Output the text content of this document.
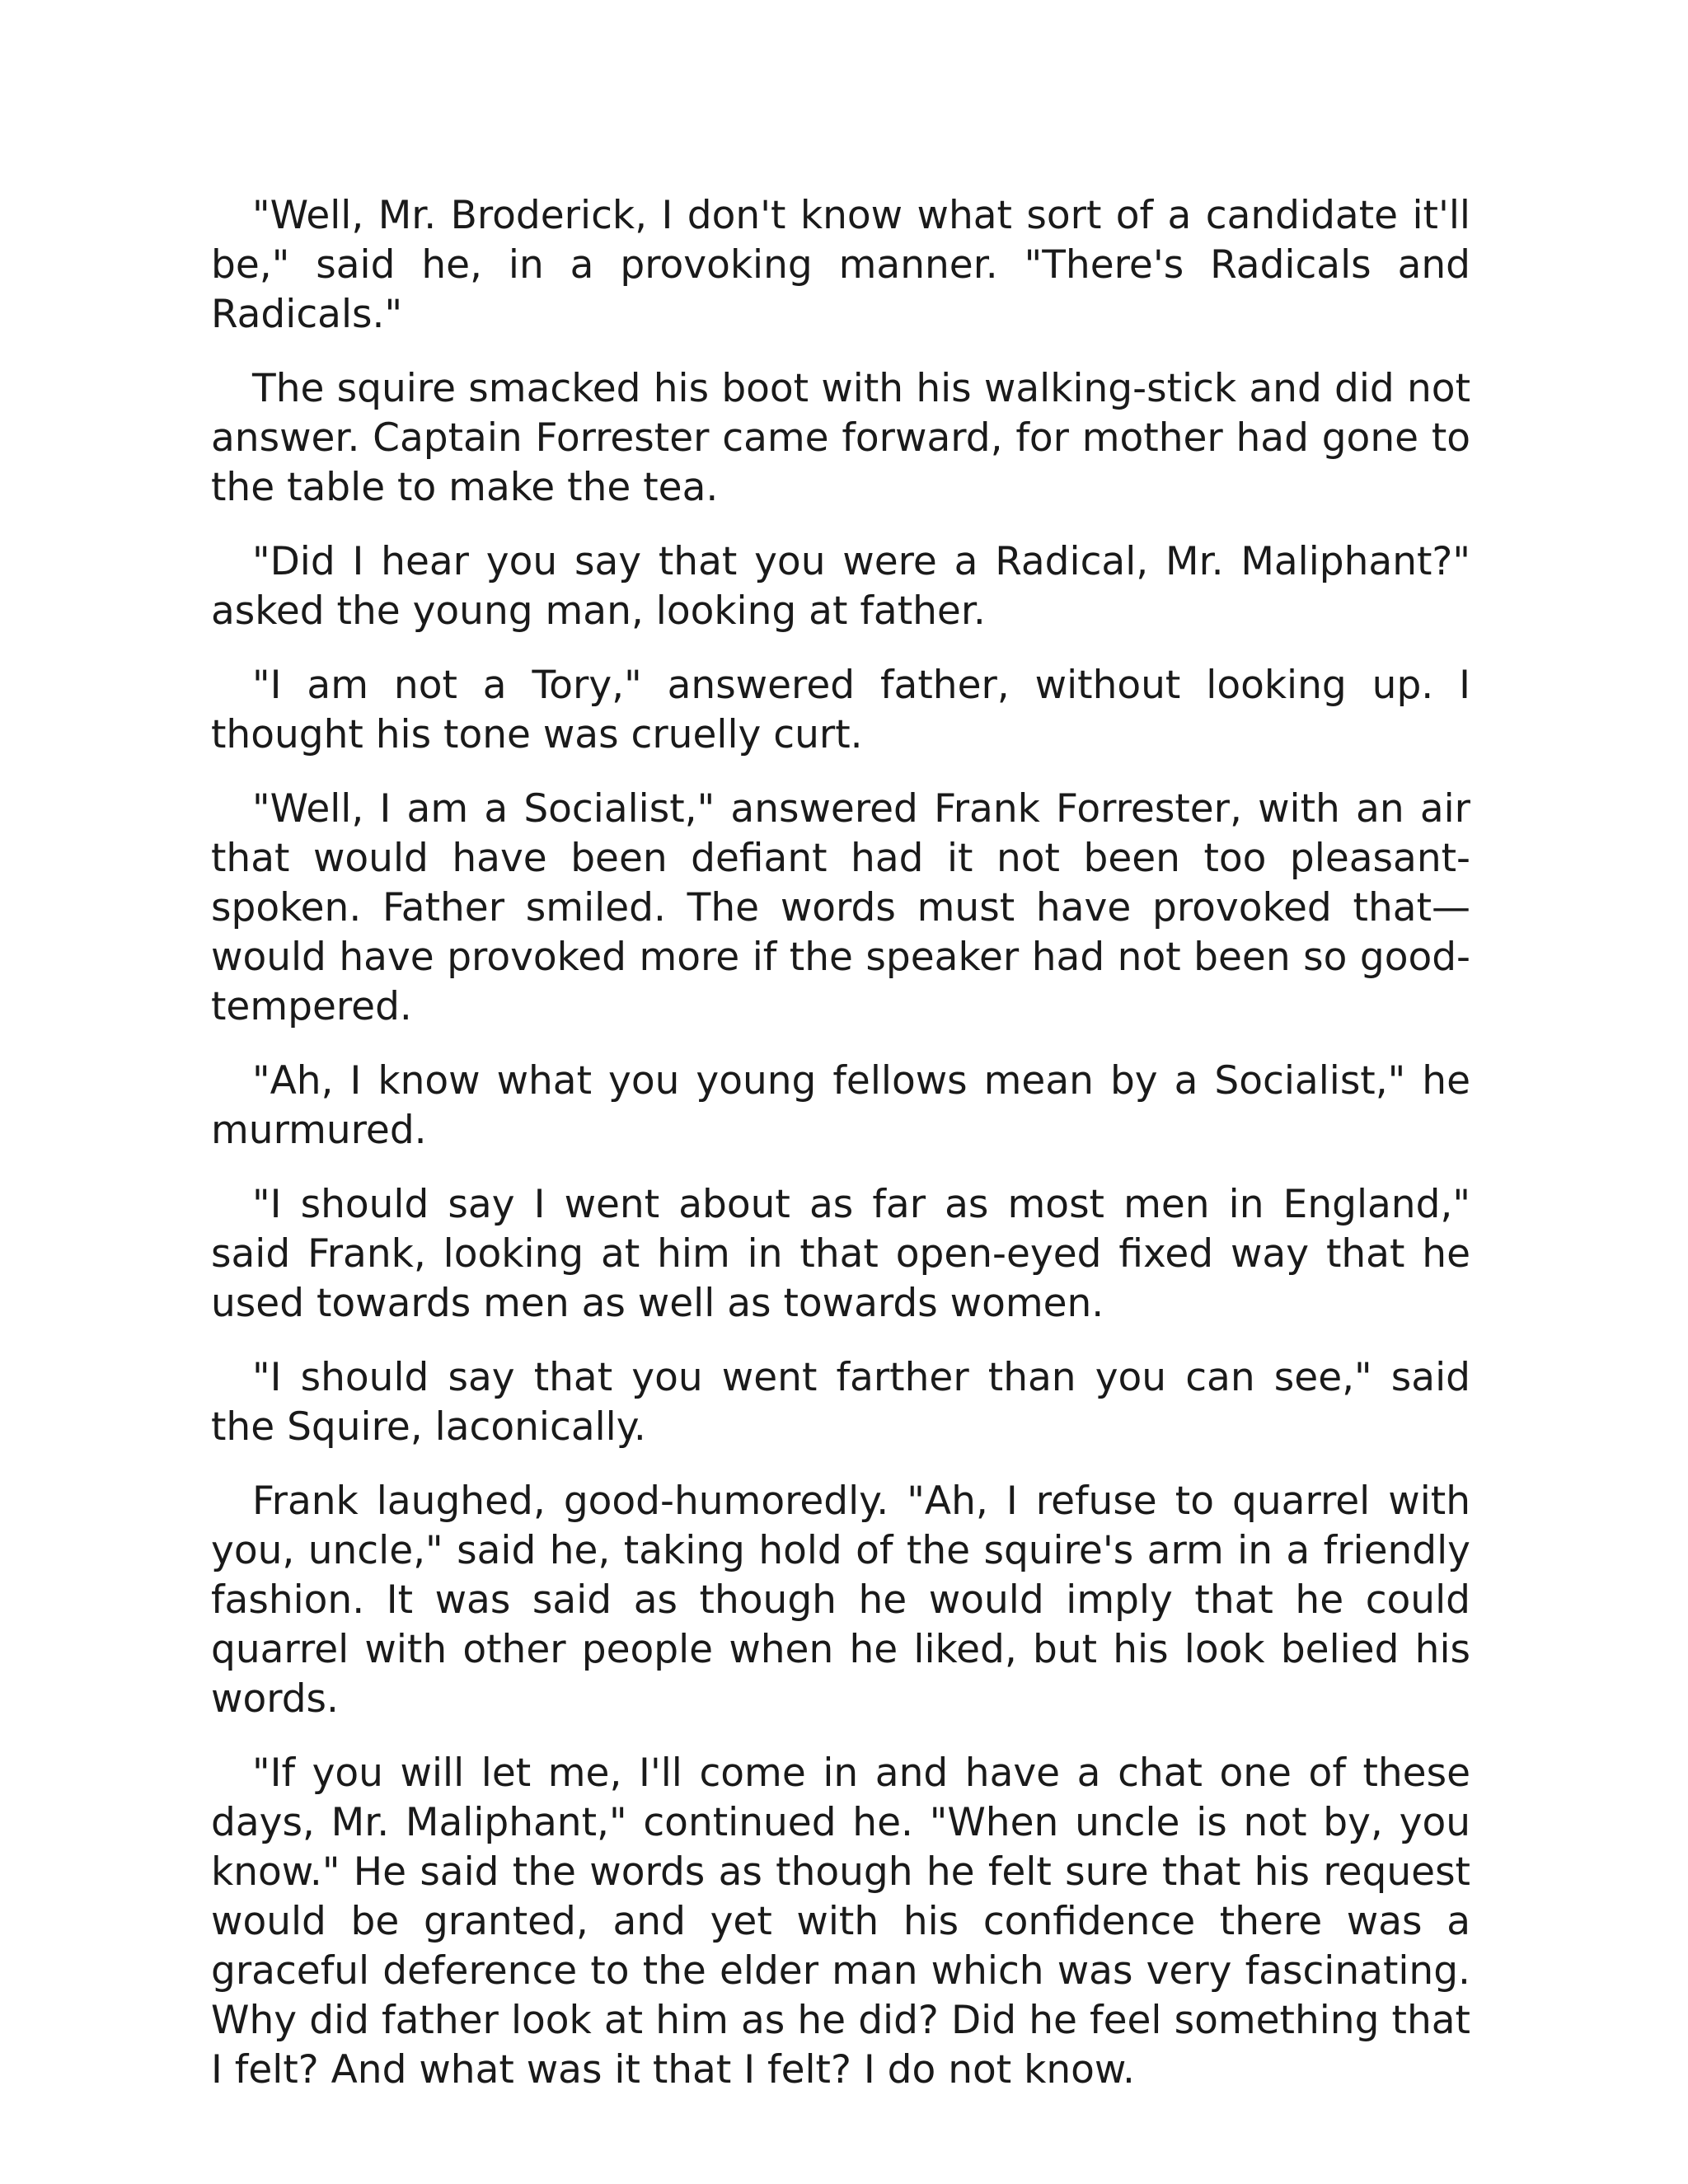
"Well, Mr. Broderick, I don't know what sort of a candidate it'll be," said he, in a provoking manner. "There's Radicals and Radicals."

The squire smacked his boot with his walking-stick and did not answer. Captain Forrester came forward, for mother had gone to the table to make the tea.

"Did I hear you say that you were a Radical, Mr. Maliphant?" asked the young man, looking at father.

"I am not a Tory," answered father, without looking up. I thought his tone was cruelly curt.

"Well, I am a Socialist," answered Frank Forrester, with an air that would have been defiant had it not been too pleasant-spoken. Father smiled. The words must have provoked that—would have provoked more if the speaker had not been so good-tempered.

"Ah, I know what you young fellows mean by a Socialist," he murmured.

"I should say I went about as far as most men in England," said Frank, looking at him in that open-eyed fixed way that he used towards men as well as towards women.

"I should say that you went farther than you can see," said the Squire, laconically.

Frank laughed, good-humoredly. "Ah, I refuse to quarrel with you, uncle," said he, taking hold of the squire's arm in a friendly fashion. It was said as though he would imply that he could quarrel with other people when he liked, but his look belied his words.

"If you will let me, I'll come in and have a chat one of these days, Mr. Maliphant," continued he. "When uncle is not by, you know." He said the words as though he felt sure that his request would be granted, and yet with his confidence there was a graceful deference to the elder man which was very fascinating. Why did father look at him as he did? Did he feel something that I felt? And what was it that I felt? I do not know.
